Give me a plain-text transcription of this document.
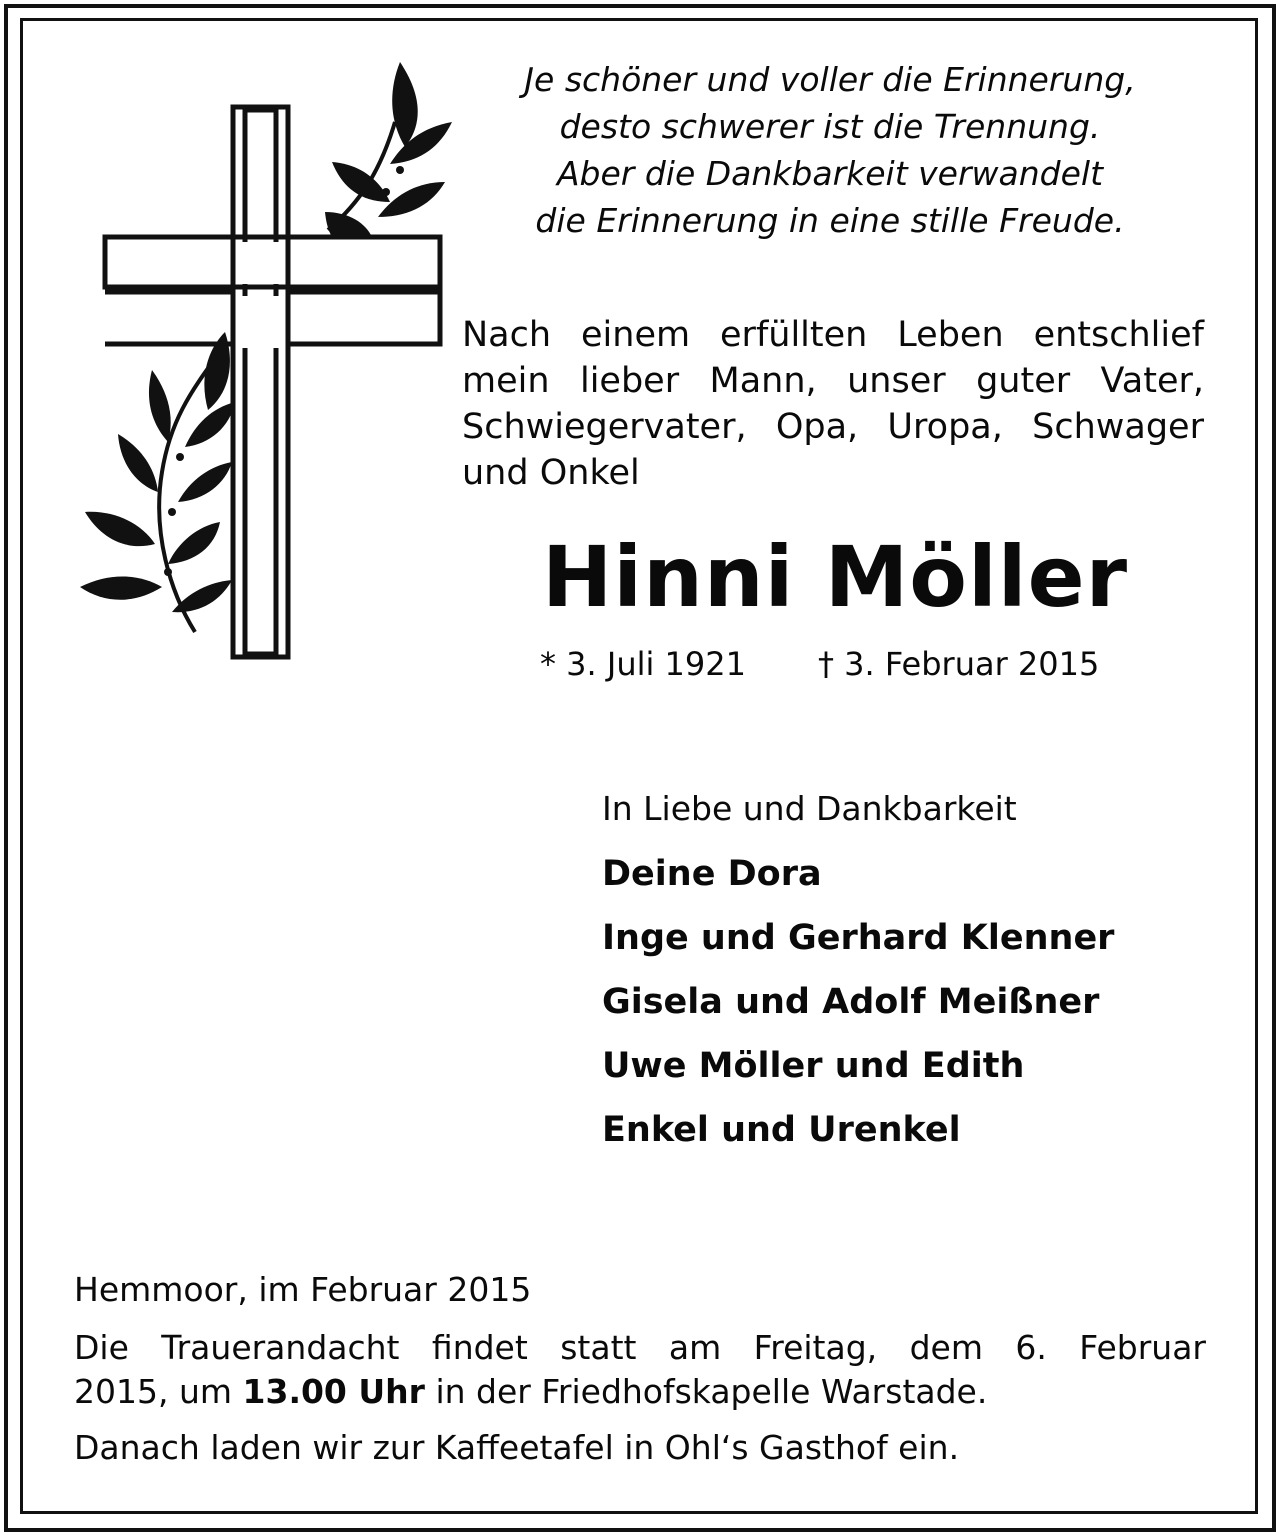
Je schöner und voller die Erinnerung,
desto schwerer ist die Trennung.
Aber die Dankbarkeit verwandelt
die Erinnerung in eine stille Freude.
Nach einem erfüllten Leben entschlief
mein lieber Mann, unser guter Vater,
Schwiegervater, Opa, Uropa, Schwager
und Onkel
Hinni Möller
* 3. Juli 1921 † 3. Februar 2015
In Liebe und Dankbarkeit
Deine Dora
Inge und Gerhard Klenner
Gisela und Adolf Meißner
Uwe Möller und Edith
Enkel und Urenkel
Hemmoor, im Februar 2015
Die Trauerandacht findet statt am Freitag, dem 6. Februar
2015, um 13.00 Uhr in der Friedhofskapelle Warstade.
Danach laden wir zur Kaffeetafel in Ohl‘s Gasthof ein.
